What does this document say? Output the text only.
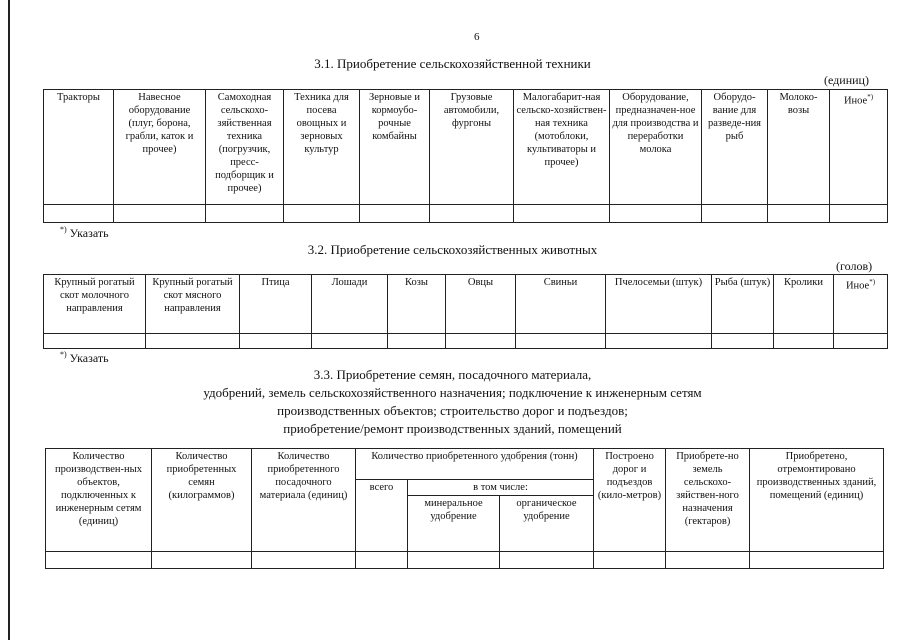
6
3.1. Приобретение сельскохозяйственной техники
(единиц)
Тракторы	Навесное оборудование (плуг, борона, грабли, каток и прочее)	Самоходная сельскохо-зяйственная техника (погрузчик, пресс-подборщик и прочее)	Техника для посева овощных и зерновых культур	Зерновые и кормоубо-рочные комбайны	Грузовые автомобили, фургоны	Малогабарит-ная сельско-хозяйствен-ная техника (мотоблоки, культиваторы и прочее)	Оборудование, предназначен-ное для производства и переработки молока	Оборудо-вание для разведе-ния рыб	Молоко-возы	Иное*)

*) Указать
3.2. Приобретение сельскохозяйственных животных
(голов)
Крупный рогатый скот молочного направления	Крупный рогатый скот мясного направления	Птица	Лошади	Козы	Овцы	Свиньи	Пчелосемьи (штук)	Рыба (штук)	Кролики	Иное*)

*) Указать
3.3. Приобретение семян, посадочного материала,
удобрений, земель сельскохозяйственного назначения; подключение к инженерным сетям
производственных объектов; строительство дорог и подъездов;
приобретение/ремонт производственных зданий, помещений
Количество производствен-ных объектов, подключенных к инженерным сетям (единиц)	Количество приобретенных семян (килограммов)	Количество приобретенного посадочного материала (единиц)	Количество приобретенного удобрения (тонн)			Построено дорог и подъездов (кило-метров)	Приобрете-но земель сельскохо-зяйствен-ного назначения (гектаров)	Приобретено, отремонтировано производственных зданий, помещений (единиц)
			всего	в том числе:				
				минеральное удобрение	органическое удобрение			
